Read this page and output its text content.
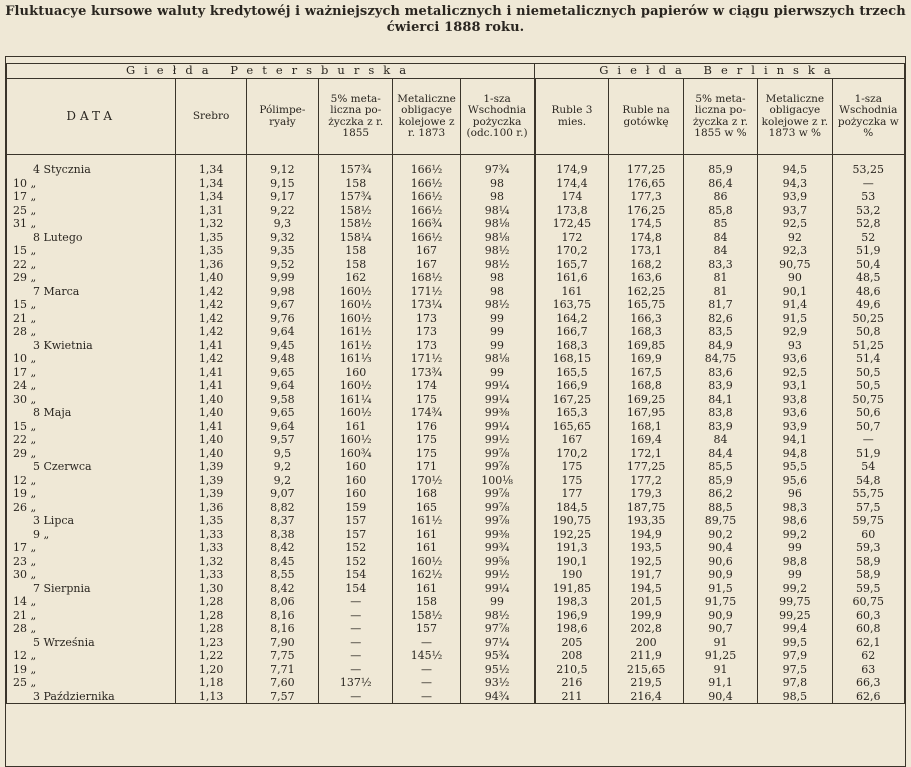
Fluktuacye kursowe waluty kredytowéj i ważniejszych metalicznych i niemetalicznych papierów w ciągu pierwszych trzech ćwierci 1888 roku.
Giełda Petersburska						Giełda Berlinska				
DATA	Srebro	Pólimpe-ryały	5% meta-liczna po-życzka z r. 1855	Metaliczne obligacye kolejowe z r. 1873	1-sza Wschodnia pożyczka (odc.100 r.)	Ruble 3 mies.	Ruble na gotówkę	5% meta-liczna po-życzka z r. 1855 w %	Metaliczne obligacye kolejowe z r. 1873 w %	1-sza Wschodnia pożyczka w %
4 Stycznia	1,34	9,12	157¾	166½	97¾	174,9	177,25	85,9	94,5	53,25
10 „	1,34	9,15	158	166½	98	174,4	176,65	86,4	94,3	—
17 „	1,34	9,17	157¾	166½	98	174	177,3	86	93,9	53
25 „	1,31	9,22	158½	166½	98¼	173,8	176,25	85,8	93,7	53,2
31 „	1,32	9,3	158½	166¾	98⅛	172,45	174,5	85	92,5	52,8
8 Lutego	1,35	9,32	158¼	166½	98⅛	172	174,8	84	92	52
15 „	1,35	9,35	158	167	98½	170,2	173,1	84	92,3	51,9
22 „	1,36	9,52	158	167	98½	165,7	168,2	83,3	90,75	50,4
29 „	1,40	9,99	162	168½	98	161,6	163,6	81	90	48,5
7 Marca	1,42	9,98	160½	171½	98	161	162,25	81	90,1	48,6
15 „	1,42	9,67	160½	173¼	98½	163,75	165,75	81,7	91,4	49,6
21 „	1,42	9,76	160½	173	99	164,2	166,3	82,6	91,5	50,25
28 „	1,42	9,64	161½	173	99	166,7	168,3	83,5	92,9	50,8
3 Kwietnia	1,41	9,45	161½	173	99	168,3	169,85	84,9	93	51,25
10 „	1,42	9,48	161⅓	171½	98⅛	168,15	169,9	84,75	93,6	51,4
17 „	1,41	9,65	160	173¾	99	165,5	167,5	83,6	92,5	50,5
24 „	1,41	9,64	160½	174	99¼	166,9	168,8	83,9	93,1	50,5
30 „	1,40	9,58	161¼	175	99¼	167,25	169,25	84,1	93,8	50,75
8 Maja	1,40	9,65	160½	174¾	99⅜	165,3	167,95	83,8	93,6	50,6
15 „	1,41	9,64	161	176	99¼	165,65	168,1	83,9	93,9	50,7
22 „	1,40	9,57	160½	175	99½	167	169,4	84	94,1	—
29 „	1,40	9,5	160¾	175	99⅞	170,2	172,1	84,4	94,8	51,9
5 Czerwca	1,39	9,2	160	171	99⅞	175	177,25	85,5	95,5	54
12 „	1,39	9,2	160	170½	100⅛	175	177,2	85,9	95,6	54,8
19 „	1,39	9,07	160	168	99⅞	177	179,3	86,2	96	55,75
26 „	1,36	8,82	159	165	99⅞	184,5	187,75	88,5	98,3	57,5
3 Lipca	1,35	8,37	157	161½	99⅞	190,75	193,35	89,75	98,6	59,75
9 „	1,33	8,38	157	161	99⅜	192,25	194,9	90,2	99,2	60
17 „	1,33	8,42	152	161	99¾	191,3	193,5	90,4	99	59,3
23 „	1,32	8,45	152	160½	99⅝	190,1	192,5	90,6	98,8	58,9
30 „	1,33	8,55	154	162½	99½	190	191,7	90,9	99	58,9
7 Sierpnia	1,30	8,42	154	161	99¼	191,85	194,5	91,5	99,2	59,5
14 „	1,28	8,06	—	158	99	198,3	201,5	91,75	99,75	60,75
21 „	1,28	8,16	—	158½	98½	196,9	199,9	90,9	99,25	60,3
28 „	1,28	8,16	—	157	97⅞	198,6	202,8	90,7	99,4	60,8
5 Września	1,23	7,90	—	—	97¼	205	200	91	99,5	62,1
12 „	1,22	7,75	—	145½	95¾	208	211,9	91,25	97,9	62
19 „	1,20	7,71	—	—	95½	210,5	215,65	91	97,5	63
25 „	1,18	7,60	137½	—	93½	216	219,5	91,1	97,8	66,3
3 Października	1,13	7,57	—	—	94¾	211	216,4	90,4	98,5	62,6
